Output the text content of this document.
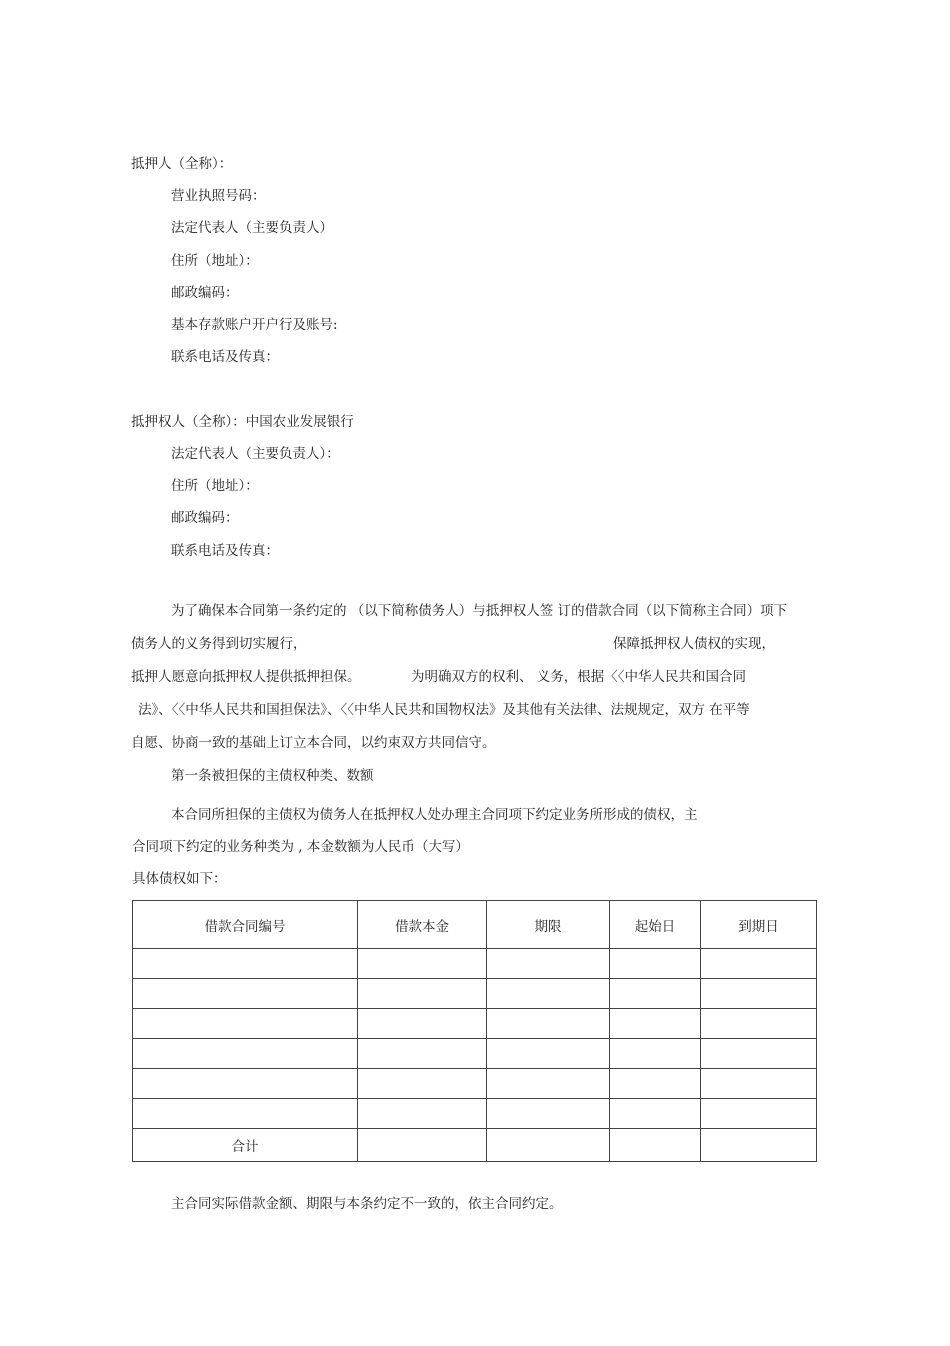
抵押人（全称）：
营业执照号码：
法定代表人（主要负责人）
住所（地址）：
邮政编码：
基本存款账户开户行及账号:
联系电话及传真：
抵押权人（全称）：中国农业发展银行
法定代表人（主要负责人）：
住所（地址）：
邮政编码：
联系电话及传真：
为了确保本合同第一条约定的 （以下简称债务人）与抵押权人签 订的借款合同（以下简称主合同）项下
债务人的义务得到切实履行，	保障抵押权人债权的实现，
抵押人愿意向抵押权人提供抵押担保。	为明确双方的权利、 义务，根据〈〈中华人民共和国合同
法》、〈〈中华人民共和国担保法》、〈〈中华人民共和国物权法》及其他有关法律、法规规定，双方 在平等
自愿、协商一致的基础上订立本合同，以约束双方共同信守。
第一条被担保的主债权种类、数额
本合同所担保的主债权为债务人在抵押权人处办理主合同项下约定业务所形成的债权，主
合同项下约定的业务种类为 , 本金数额为人民币（大写）
具体债权如下：
借款合同编号	借款本金	期限	起始日	到期日

合计				
主合同实际借款金额、期限与本条约定不一致的，依主合同约定。
